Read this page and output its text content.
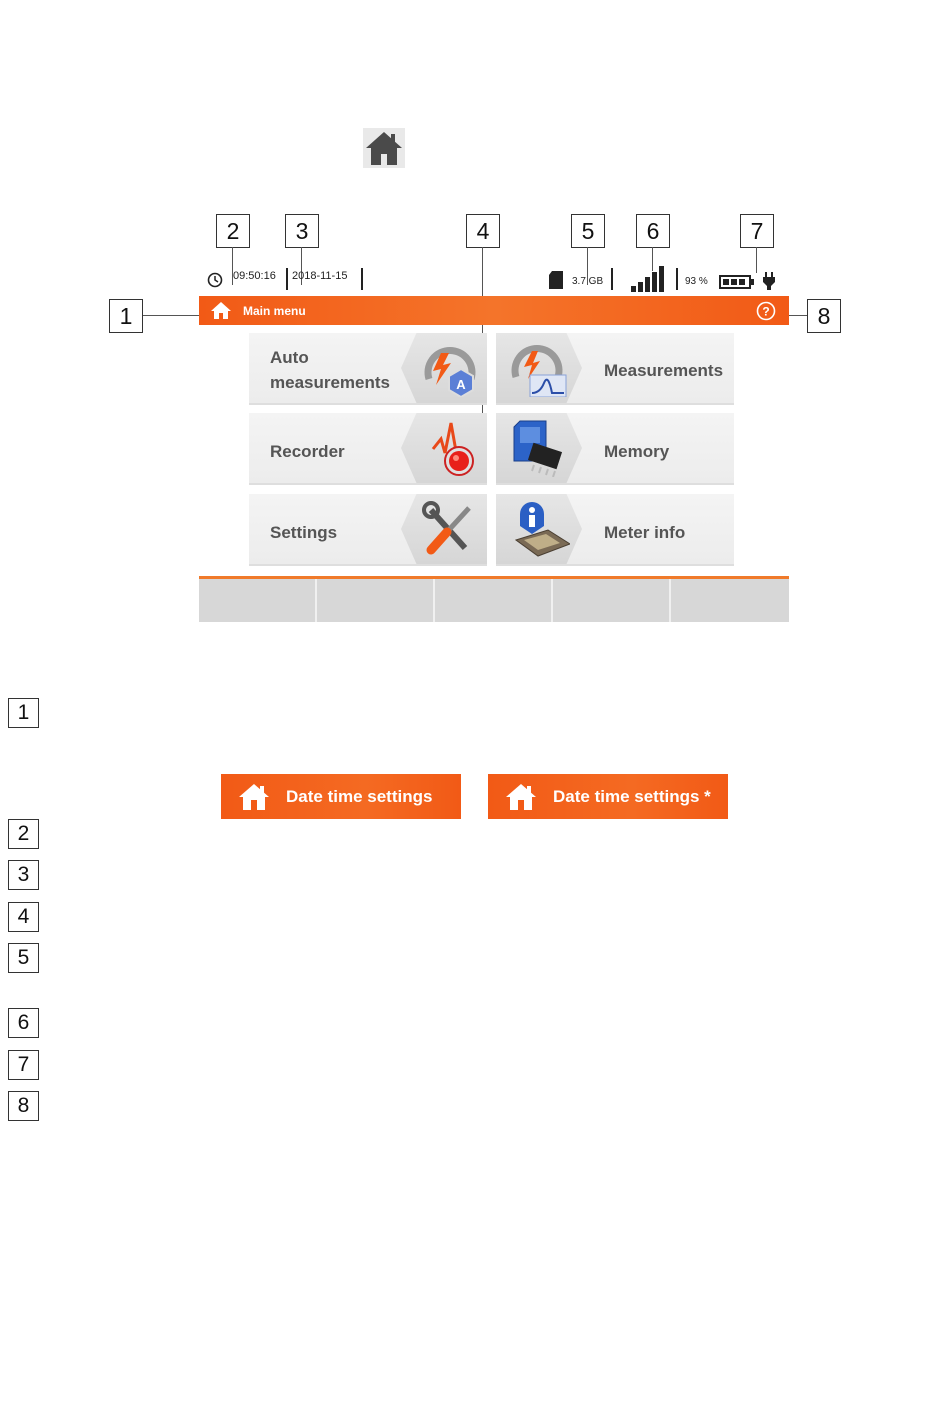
2	3	4	5	6	7
1	8
09:50:16 2018-11-15	3.7 GB	93 %
Main menu	?
Auto
measurements	A
Measurements
Recorder	Memory
Settings	Meter info
1
Date time settings	Date time settings *
2
3
4
5
6
7
8
